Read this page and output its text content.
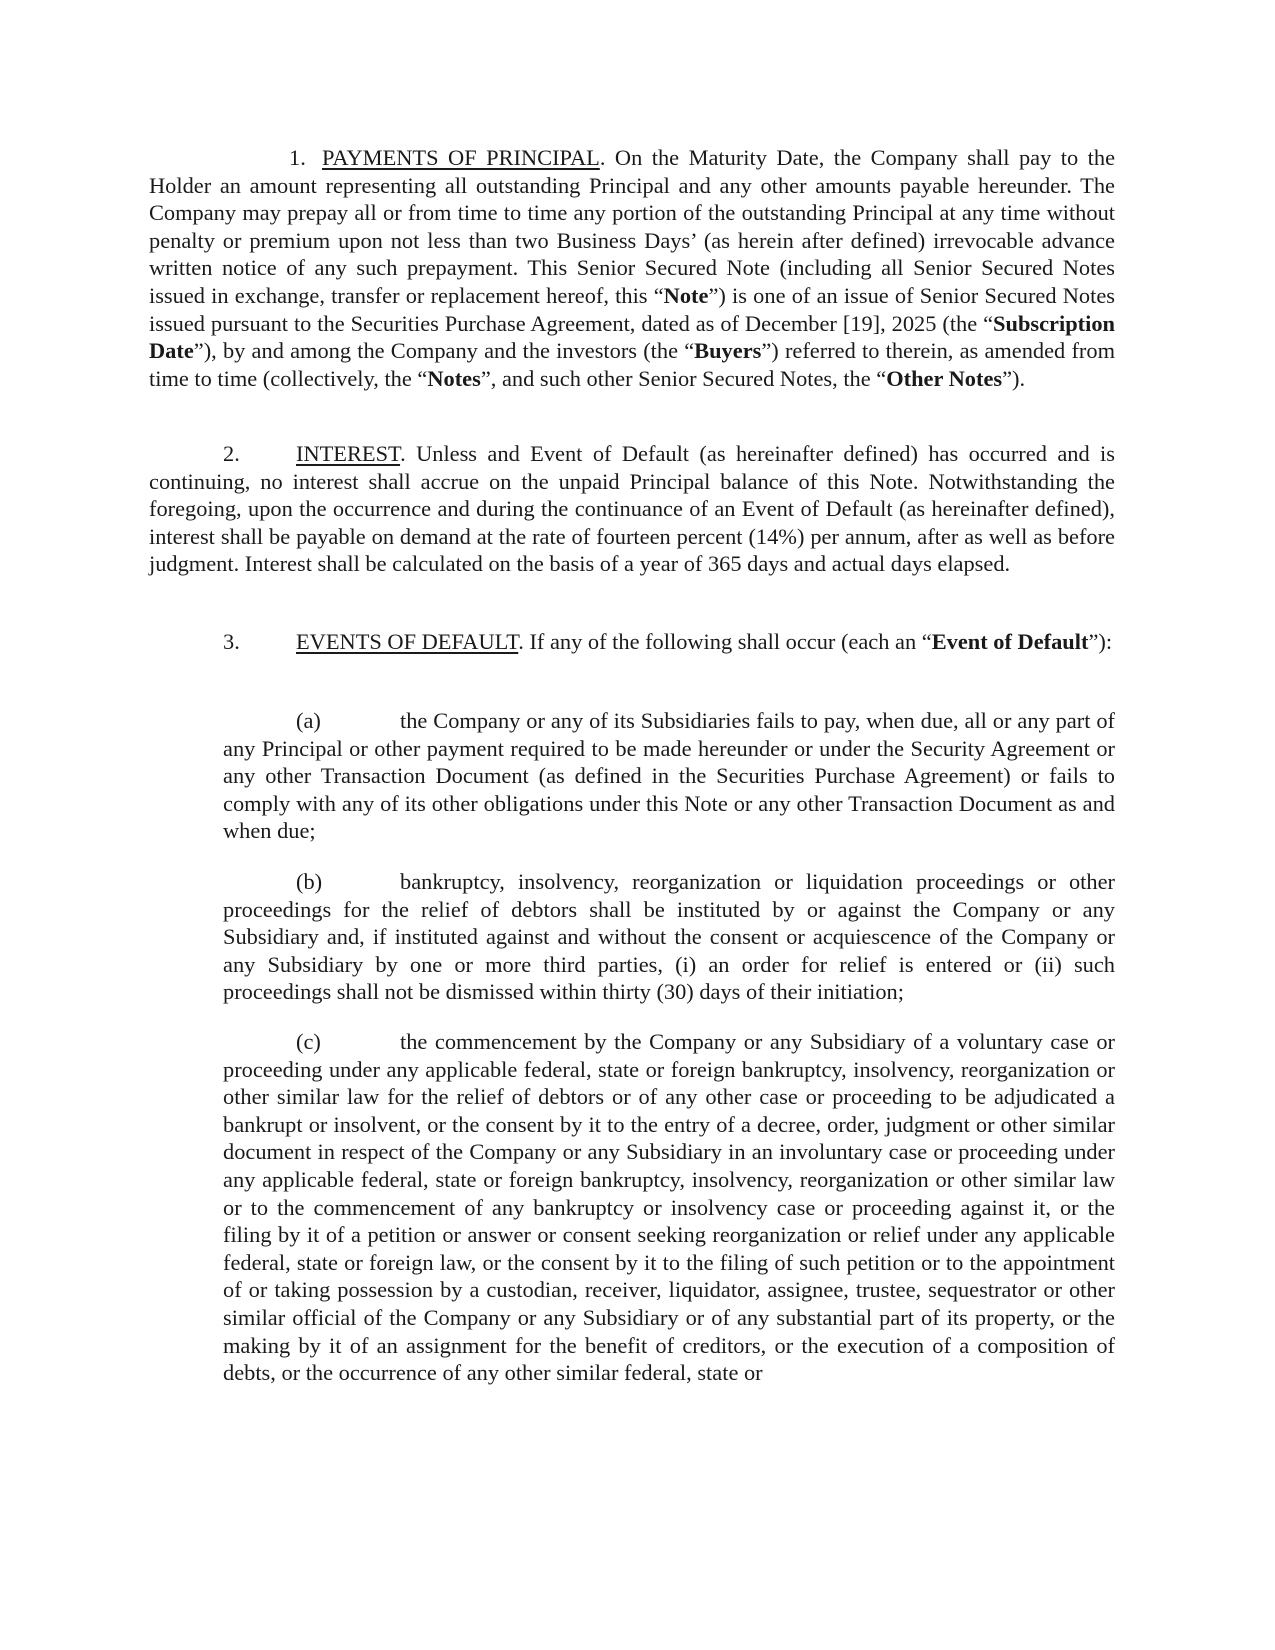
1. PAYMENTS OF PRINCIPAL. On the Maturity Date, the Company shall pay to the Holder an amount representing all outstanding Principal and any other amounts payable hereunder. The Company may prepay all or from time to time any portion of the outstanding Principal at any time without penalty or premium upon not less than two Business Days’ (as herein after defined) irrevocable advance written notice of any such prepayment. This Senior Secured Note (including all Senior Secured Notes issued in exchange, transfer or replacement hereof, this “Note”) is one of an issue of Senior Secured Notes issued pursuant to the Securities Purchase Agreement, dated as of December [19], 2025 (the “Subscription Date”), by and among the Company and the investors (the “Buyers”) referred to therein, as amended from time to time (collectively, the “Notes”, and such other Senior Secured Notes, the “Other Notes”).

2.	INTEREST. Unless and Event of Default (as hereinafter defined) has occurred and is continuing, no interest shall accrue on the unpaid Principal balance of this Note. Notwithstanding the foregoing, upon the occurrence and during the continuance of an Event of Default (as hereinafter defined), interest shall be payable on demand at the rate of fourteen percent (14%) per annum, after as well as before judgment. Interest shall be calculated on the basis of a year of 365 days and actual days elapsed.

3.	EVENTS OF DEFAULT. If any of the following shall occur (each an “Event of Default”):

(a)	the Company or any of its Subsidiaries fails to pay, when due, all or any part of any Principal or other payment required to be made hereunder or under the Security Agreement or any other Transaction Document (as defined in the Securities Purchase Agreement) or fails to comply with any of its other obligations under this Note or any other Transaction Document as and when due;

(b)	bankruptcy, insolvency, reorganization or liquidation proceedings or other proceedings for the relief of debtors shall be instituted by or against the Company or any Subsidiary and, if instituted against and without the consent or acquiescence of the Company or any Subsidiary by one or more third parties, (i) an order for relief is entered or (ii) such proceedings shall not be dismissed within thirty (30) days of their initiation;

(c)	the commencement by the Company or any Subsidiary of a voluntary case or proceeding under any applicable federal, state or foreign bankruptcy, insolvency, reorganization or other similar law for the relief of debtors or of any other case or proceeding to be adjudicated a bankrupt or insolvent, or the consent by it to the entry of a decree, order, judgment or other similar document in respect of the Company or any Subsidiary in an involuntary case or proceeding under any applicable federal, state or foreign bankruptcy, insolvency, reorganization or other similar law or to the commencement of any bankruptcy or insolvency case or proceeding against it, or the filing by it of a petition or answer or consent seeking reorganization or relief under any applicable federal, state or foreign law, or the consent by it to the filing of such petition or to the appointment of or taking possession by a custodian, receiver, liquidator, assignee, trustee, sequestrator or other similar official of the Company or any Subsidiary or of any substantial part of its property, or the making by it of an assignment for the benefit of creditors, or the execution of a composition of debts, or the occurrence of any other similar federal, state or
